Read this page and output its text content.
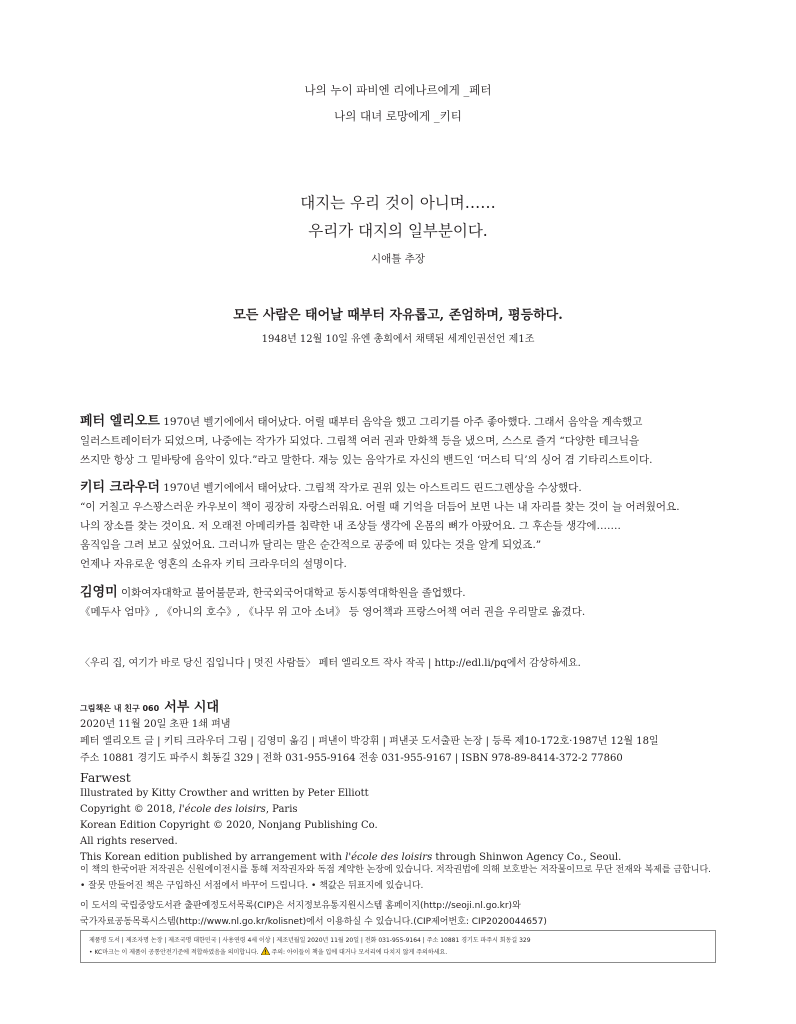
나의 누이 파비엔 리에나르에게 _페터
나의 대녀 로망에게 _키티
대지는 우리 것이 아니며……
우리가 대지의 일부분이다.
시애틀 추장
모든 사람은 태어날 때부터 자유롭고, 존엄하며, 평등하다.
1948년 12월 10일 유엔 총회에서 채택된 세계인권선언 제1조
페터 엘리오트 1970년 벨기에에서 태어났다. 어릴 때부터 음악을 했고 그리기를 아주 좋아했다. 그래서 음악을 계속했고
일러스트레이터가 되었으며, 나중에는 작가가 되었다. 그림책 여러 권과 만화책 등을 냈으며, 스스로 즐겨 “다양한 테크닉을
쓰지만 항상 그 밑바탕에 음악이 있다.”라고 말한다. 재능 있는 음악가로 자신의 밴드인 ‘머스티 딕’의 싱어 겸 기타리스트이다.
키티 크라우더 1970년 벨기에에서 태어났다. 그림책 작가로 권위 있는 아스트리드 린드그렌상을 수상했다.
“이 거칠고 우스꽝스러운 카우보이 책이 굉장히 자랑스러워요. 어릴 때 기억을 더듬어 보면 나는 내 자리를 찾는 것이 늘 어려웠어요.
나의 장소를 찾는 것이요. 저 오래전 아메리카를 침략한 내 조상들 생각에 온몸의 뼈가 아팠어요. 그 후손들 생각에…….
움직임을 그려 보고 싶었어요. 그러니까 달리는 말은 순간적으로 공중에 떠 있다는 것을 알게 되었죠.”
언제나 자유로운 영혼의 소유자 키티 크라우더의 설명이다.
김영미 이화여자대학교 불어불문과, 한국외국어대학교 동시통역대학원을 졸업했다.
《메두사 엄마》, 《아니의 호수》, 《나무 위 고아 소녀》 등 영어책과 프랑스어책 여러 권을 우리말로 옮겼다.
〈우리 집, 여기가 바로 당신 집입니다 | 멋진 사람들〉 페터 엘리오트 작사 작곡 | http://edl.li/pq에서 감상하세요.
그림책은 내 친구 060 서부 시대
2020년 11월 20일 초판 1쇄 펴냄
페터 엘리오트 글 | 키티 크라우더 그림 | 김영미 옮김 | 펴낸이 박강휘 | 펴낸곳 도서출판 논장 | 등록 제10-172호·1987년 12월 18일
주소 10881 경기도 파주시 회동길 329 | 전화 031-955-9164 전송 031-955-9167 | ISBN 978-89-8414-372-2 77860
Farwest
Illustrated by Kitty Crowther and written by Peter Elliott
Copyright © 2018, l'école des loisirs, Paris
Korean Edition Copyright © 2020, Nonjang Publishing Co.
All rights reserved.
This Korean edition published by arrangement with l'école des loisirs through Shinwon Agency Co., Seoul.
이 책의 한국어판 저작권은 신원에이전시를 통해 저작권자와 독점 계약한 논장에 있습니다. 저작권법에 의해 보호받는 저작물이므로 무단 전재와 복제를 금합니다.
• 잘못 만들어진 책은 구입하신 서점에서 바꾸어 드립니다. • 책값은 뒤표지에 있습니다.
이 도서의 국립중앙도서관 출판예정도서목록(CIP)은 서지정보유통지원시스템 홈페이지(http://seoji.nl.go.kr)와
국가자료공동목록시스템(http://www.nl.go.kr/kolisnet)에서 이용하실 수 있습니다.(CIP제어번호: CIP2020044657)
제품명 도서 | 제조자명 논장 | 제조국명 대한민국 | 사용연령 4세 이상 | 제조년월일 2020년 11월 20일 | 전화 031-955-9164 | 주소 10881 경기도 파주시 회동길 329
• KC마크는 이 제품이 공통안전기준에 적합하였음을 의미합니다. 주의: 아이들이 책을 입에 대거나 모서리에 다치지 않게 주의하세요.
